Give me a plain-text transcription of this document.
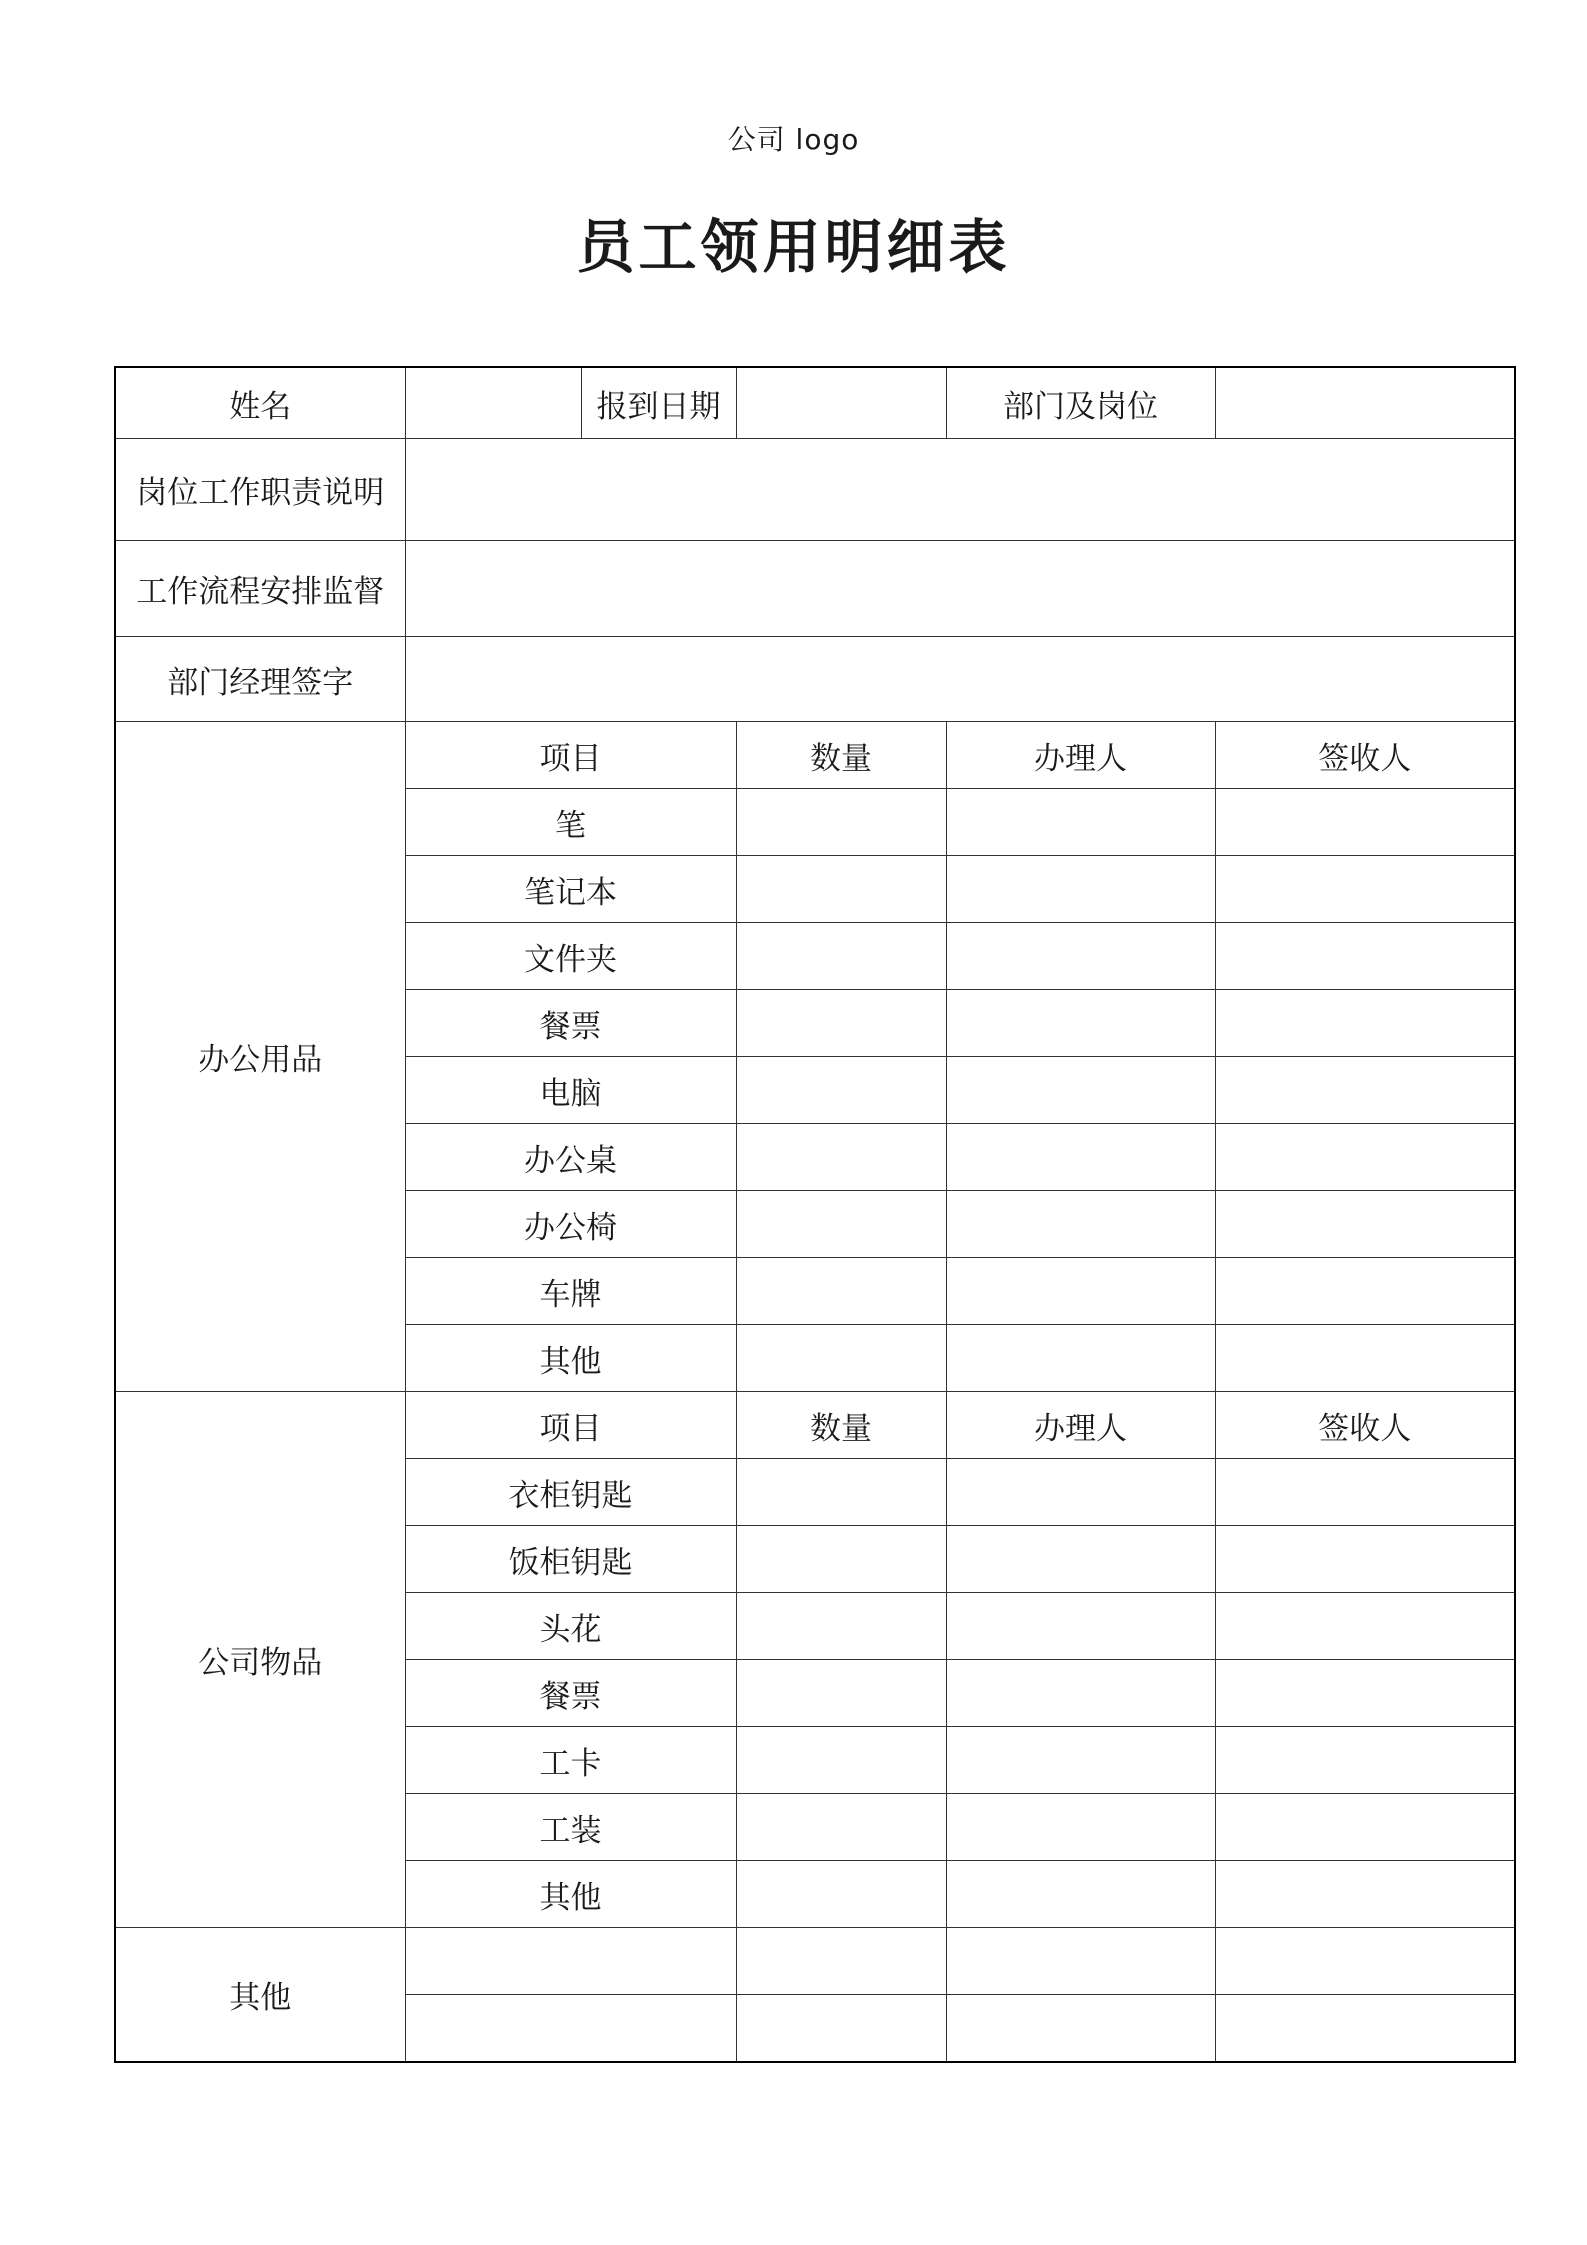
公司 logo
员工领用明细表
姓名		报到日期		部门及岗位	
岗位工作职责说明					
工作流程安排监督					
部门经理签字					
办公用品	项目		数量	办理人	签收人
	笔				
	笔记本				
	文件夹				
	餐票				
	电脑				
	办公桌				
	办公椅				
	车牌				
	其他				
公司物品	项目		数量	办理人	签收人
	衣柜钥匙				
	饭柜钥匙				
	头花				
	餐票				
	工卡				
	工装				
	其他				
其他					
